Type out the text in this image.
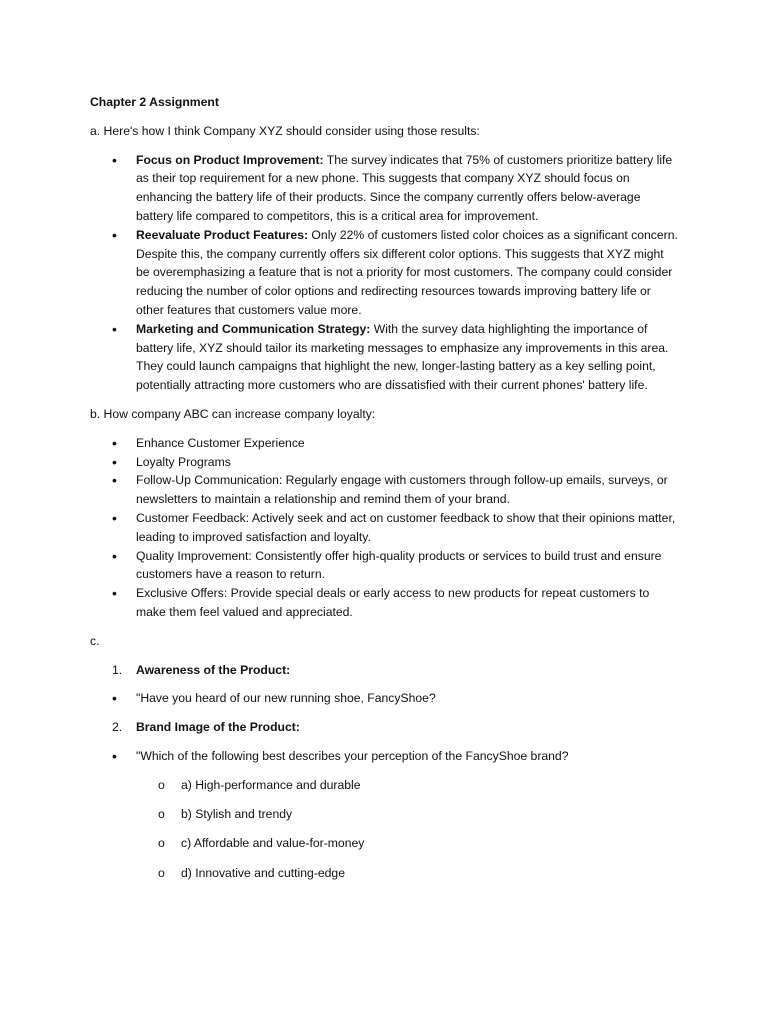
Chapter 2 Assignment
a. Here's how I think Company XYZ should consider using those results:
• Focus on Product Improvement: The survey indicates that 75% of customers prioritize battery life as their top requirement for a new phone. This suggests that company XYZ should focus on enhancing the battery life of their products. Since the company currently offers below-average battery life compared to competitors, this is a critical area for improvement.
• Reevaluate Product Features: Only 22% of customers listed color choices as a significant concern. Despite this, the company currently offers six different color options. This suggests that XYZ might be overemphasizing a feature that is not a priority for most customers. The company could consider reducing the number of color options and redirecting resources towards improving battery life or other features that customers value more.
• Marketing and Communication Strategy: With the survey data highlighting the importance of battery life, XYZ should tailor its marketing messages to emphasize any improvements in this area. They could launch campaigns that highlight the new, longer-lasting battery as a key selling point, potentially attracting more customers who are dissatisfied with their current phones' battery life.
b. How company ABC can increase company loyalty:
• Enhance Customer Experience
• Loyalty Programs
• Follow-Up Communication: Regularly engage with customers through follow-up emails, surveys, or newsletters to maintain a relationship and remind them of your brand.
• Customer Feedback: Actively seek and act on customer feedback to show that their opinions matter, leading to improved satisfaction and loyalty.
• Quality Improvement: Consistently offer high-quality products or services to build trust and ensure customers have a reason to return.
• Exclusive Offers: Provide special deals or early access to new products for repeat customers to make them feel valued and appreciated.
c.
1. Awareness of the Product:
• "Have you heard of our new running shoe, FancyShoe?
2. Brand Image of the Product:
• "Which of the following best describes your perception of the FancyShoe brand?
o a) High-performance and durable
o b) Stylish and trendy
o c) Affordable and value-for-money
o d) Innovative and cutting-edge
